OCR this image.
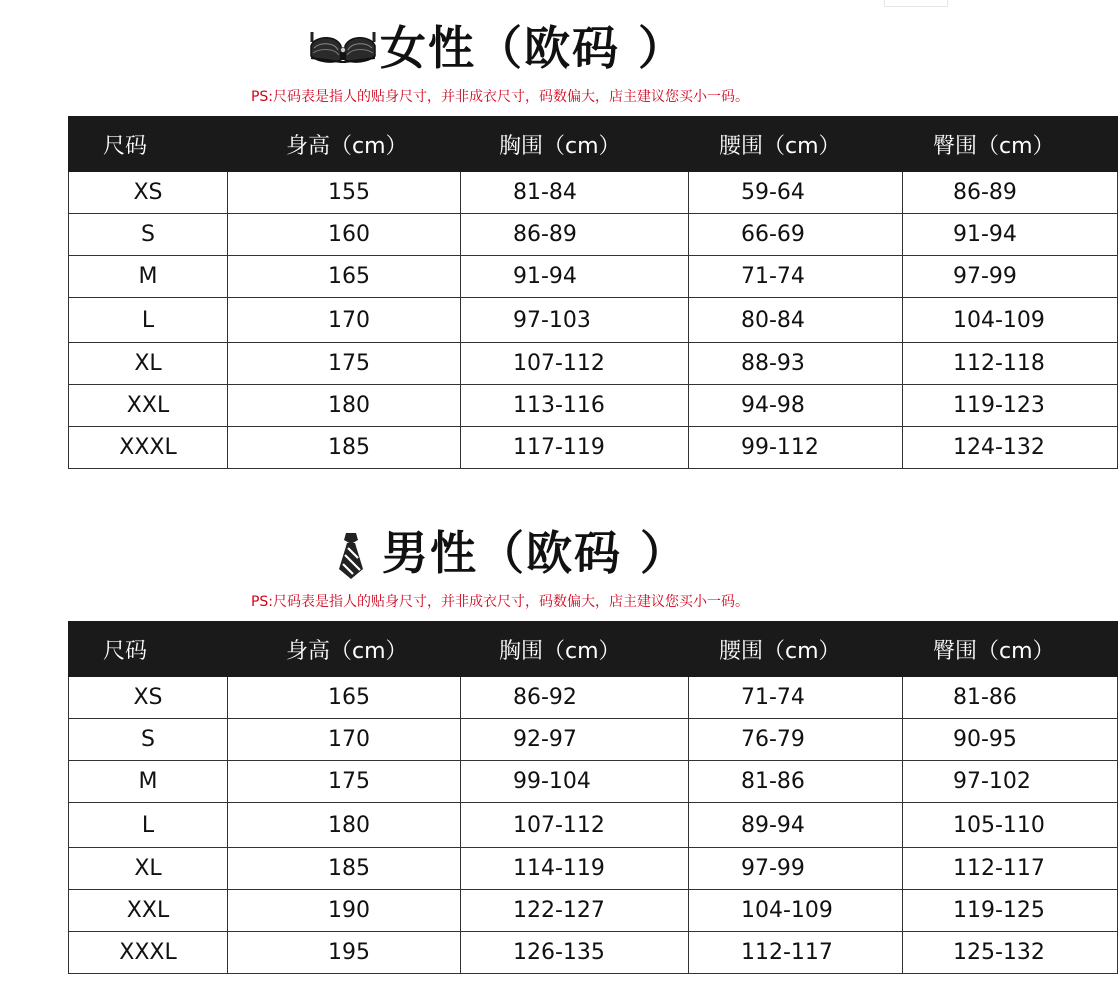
女性（欧码 ）
PS:尺码表是指人的贴身尺寸，并非成衣尺寸，码数偏大，店主建议您买小一码。
尺码	身高（cm）	胸围（cm）	腰围（cm）	臀围（cm）
XS	155	81-84	59-64	86-89
S	160	86-89	66-69	91-94
M	165	91-94	71-74	97-99
L	170	97-103	80-84	104-109
XL	175	107-112	88-93	112-118
XXL	180	113-116	94-98	119-123
XXXL	185	117-119	99-112	124-132
男性（欧码 ）
PS:尺码表是指人的贴身尺寸，并非成衣尺寸，码数偏大，店主建议您买小一码。
尺码	身高（cm）	胸围（cm）	腰围（cm）	臀围（cm）
XS	165	86-92	71-74	81-86
S	170	92-97	76-79	90-95
M	175	99-104	81-86	97-102
L	180	107-112	89-94	105-110
XL	185	114-119	97-99	112-117
XXL	190	122-127	104-109	119-125
XXXL	195	126-135	112-117	125-132
